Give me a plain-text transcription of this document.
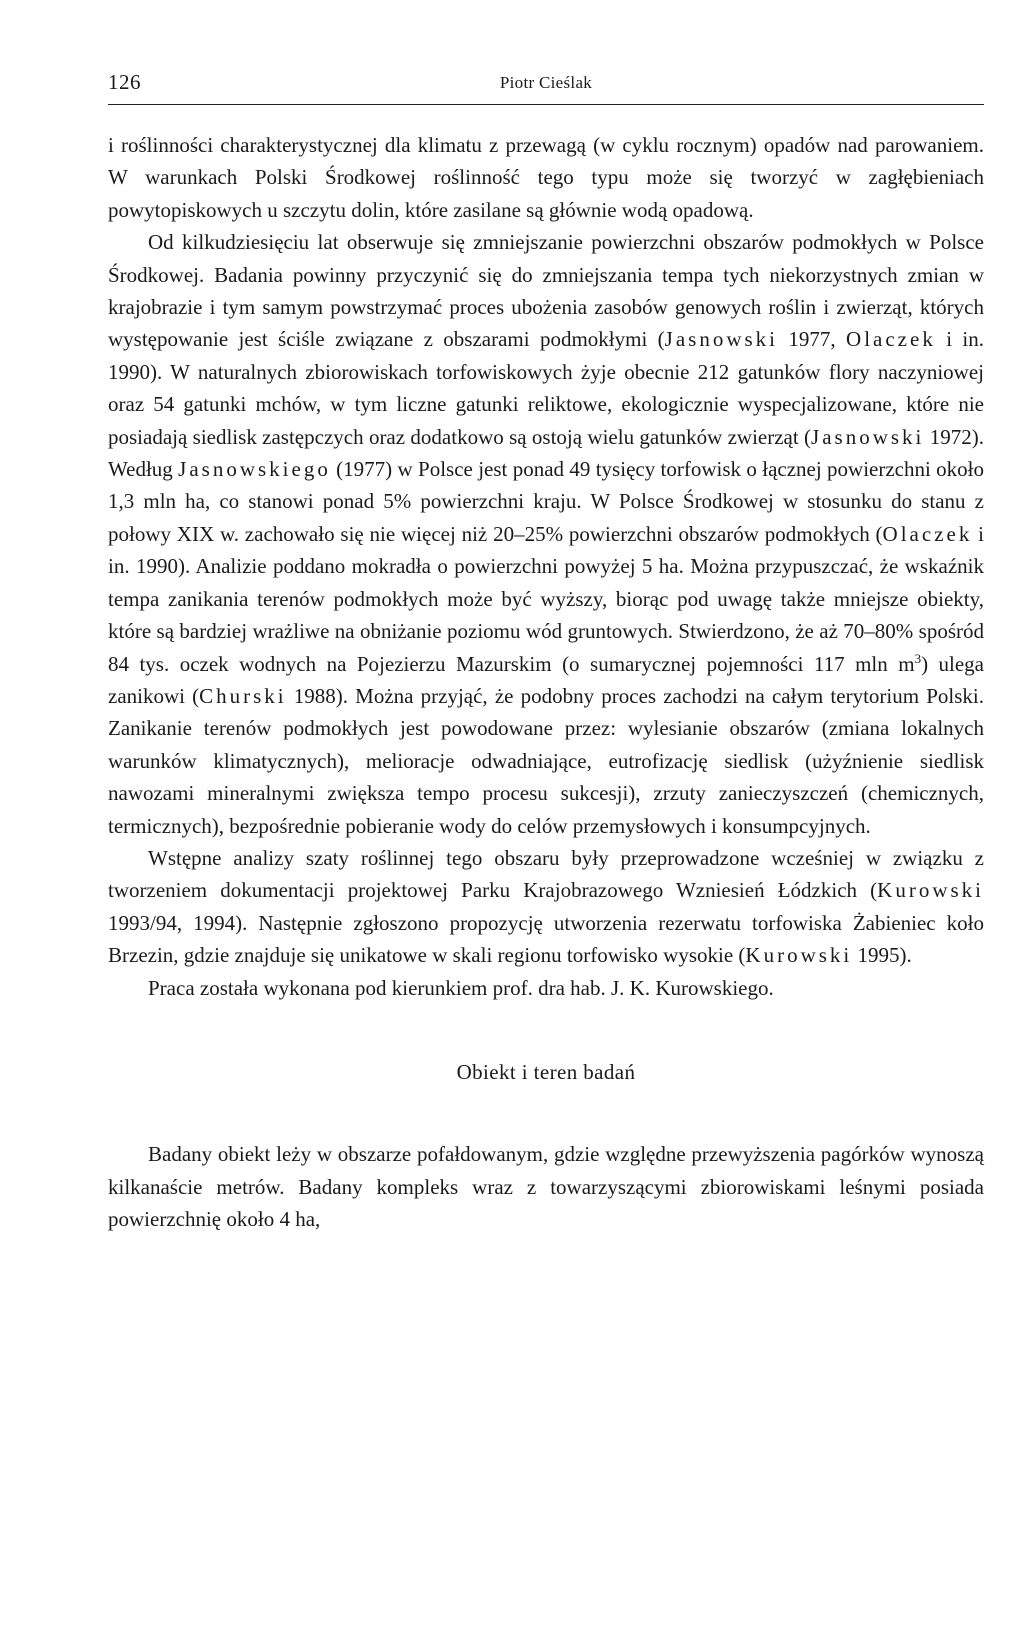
126	Piotr Cieślak

i roślinności charakterystycznej dla klimatu z przewagą (w cyklu rocznym) opadów nad parowaniem. W warunkach Polski Środkowej roślinność tego typu może się tworzyć w zagłębieniach powytopiskowych u szczytu dolin, które zasilane są głównie wodą opadową.

Od kilkudziesięciu lat obserwuje się zmniejszanie powierzchni obszarów podmokłych w Polsce Środkowej. Badania powinny przyczynić się do zmniejszania tempa tych niekorzystnych zmian w krajobrazie i tym samym powstrzymać proces ubożenia zasobów genowych roślin i zwierząt, których występowanie jest ściśle związane z obszarami podmokłymi (Jasnowski 1977, Olaczek i in. 1990). W naturalnych zbiorowiskach torfowiskowych żyje obecnie 212 gatunków flory naczyniowej oraz 54 gatunki mchów, w tym liczne gatunki reliktowe, ekologicznie wyspecjalizowane, które nie posiadają siedlisk zastępczych oraz dodatkowo są ostoją wielu gatunków zwierząt (Jasnowski 1972). Według Jasnowskiego (1977) w Polsce jest ponad 49 tysięcy torfowisk o łącznej powierzchni około 1,3 mln ha, co stanowi ponad 5% powierzchni kraju. W Polsce Środkowej w stosunku do stanu z połowy XIX w. zachowało się nie więcej niż 20–25% powierzchni obszarów podmokłych (Olaczek i in. 1990). Analizie poddano mokradła o powierzchni powyżej 5 ha. Można przypuszczać, że wskaźnik tempa zanikania terenów podmokłych może być wyższy, biorąc pod uwagę także mniejsze obiekty, które są bardziej wrażliwe na obniżanie poziomu wód gruntowych. Stwierdzono, że aż 70–80% spośród 84 tys. oczek wodnych na Pojezierzu Mazurskim (o sumarycznej pojemności 117 mln $m^3$) ulega zanikowi (Churski 1988). Można przyjąć, że podobny proces zachodzi na całym terytorium Polski. Zanikanie terenów podmokłych jest powodowane przez: wylesianie obszarów (zmiana lokalnych warunków klimatycznych), melioracje odwadniające, eutrofizację siedlisk (użyźnienie siedlisk nawozami mineralnymi zwiększa tempo procesu sukcesji), zrzuty zanieczyszczeń (chemicznych, termicznych), bezpośrednie pobieranie wody do celów przemysłowych i konsumpcyjnych.

Wstępne analizy szaty roślinnej tego obszaru były przeprowadzone wcześniej w związku z tworzeniem dokumentacji projektowej Parku Krajobrazowego Wzniesień Łódzkich (Kurowski 1993/94, 1994). Następnie zgłoszono propozycję utworzenia rezerwatu torfowiska Żabieniec koło Brzezin, gdzie znajduje się unikatowe w skali regionu torfowisko wysokie (Kurowski 1995).

Praca została wykonana pod kierunkiem prof. dra hab. J. K. Kurowskiego.

Obiekt i teren badań

Badany obiekt leży w obszarze pofałdowanym, gdzie względne przewyższenia pagórków wynoszą kilkanaście metrów. Badany kompleks wraz z towarzyszącymi zbiorowiskami leśnymi posiada powierzchnię około 4 ha,
